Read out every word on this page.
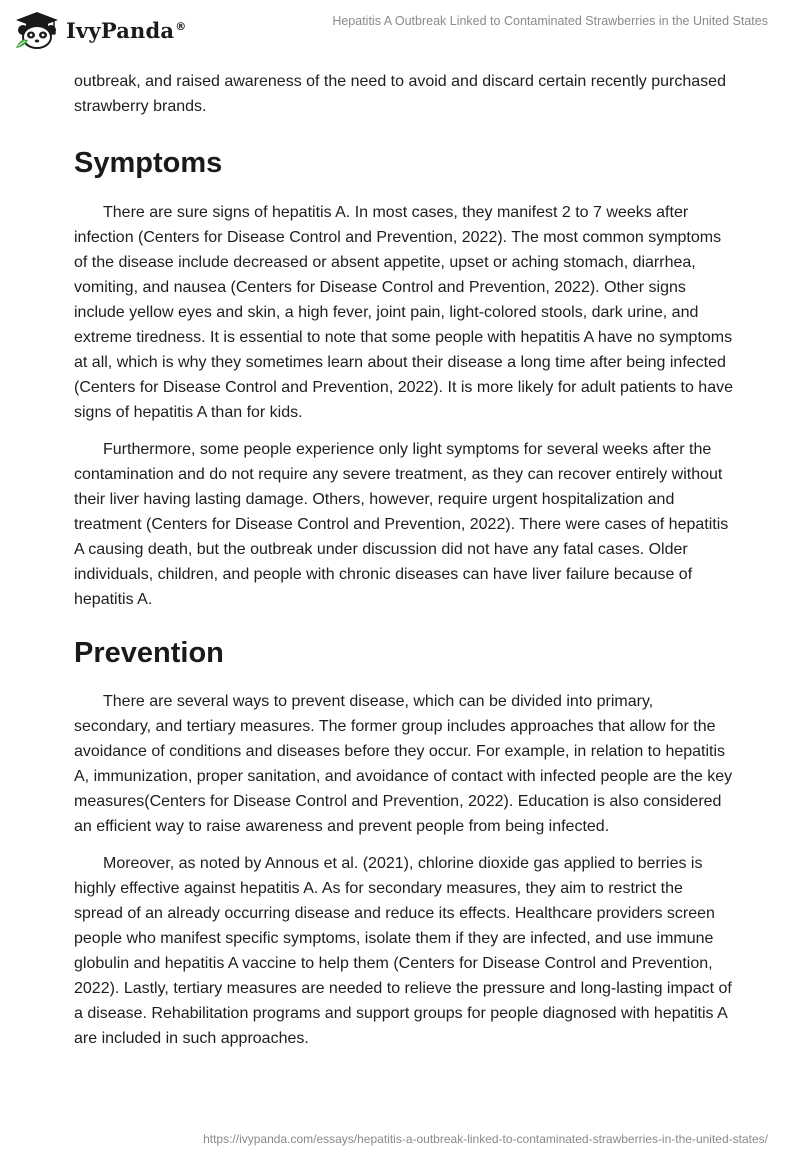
IvyPanda®	Hepatitis A Outbreak Linked to Contaminated Strawberries in the United States

outbreak, and raised awareness of the need to avoid and discard certain recently purchased strawberry brands.

Symptoms

There are sure signs of hepatitis A. In most cases, they manifest 2 to 7 weeks after infection (Centers for Disease Control and Prevention, 2022). The most common symptoms of the disease include decreased or absent appetite, upset or aching stomach, diarrhea, vomiting, and nausea (Centers for Disease Control and Prevention, 2022). Other signs include yellow eyes and skin, a high fever, joint pain, light-colored stools, dark urine, and extreme tiredness. It is essential to note that some people with hepatitis A have no symptoms at all, which is why they sometimes learn about their disease a long time after being infected (Centers for Disease Control and Prevention, 2022). It is more likely for adult patients to have signs of hepatitis A than for kids.

Furthermore, some people experience only light symptoms for several weeks after the contamination and do not require any severe treatment, as they can recover entirely without their liver having lasting damage. Others, however, require urgent hospitalization and treatment (Centers for Disease Control and Prevention, 2022). There were cases of hepatitis A causing death, but the outbreak under discussion did not have any fatal cases. Older individuals, children, and people with chronic diseases can have liver failure because of hepatitis A.

Prevention

There are several ways to prevent disease, which can be divided into primary, secondary, and tertiary measures. The former group includes approaches that allow for the avoidance of conditions and diseases before they occur. For example, in relation to hepatitis A, immunization, proper sanitation, and avoidance of contact with infected people are the key measures(Centers for Disease Control and Prevention, 2022). Education is also considered an efficient way to raise awareness and prevent people from being infected.

Moreover, as noted by Annous et al. (2021), chlorine dioxide gas applied to berries is highly effective against hepatitis A. As for secondary measures, they aim to restrict the spread of an already occurring disease and reduce its effects. Healthcare providers screen people who manifest specific symptoms, isolate them if they are infected, and use immune globulin and hepatitis A vaccine to help them (Centers for Disease Control and Prevention, 2022). Lastly, tertiary measures are needed to relieve the pressure and long-lasting impact of a disease. Rehabilitation programs and support groups for people diagnosed with hepatitis A are included in such approaches.

https://ivypanda.com/essays/hepatitis-a-outbreak-linked-to-contaminated-strawberries-in-the-united-states/
